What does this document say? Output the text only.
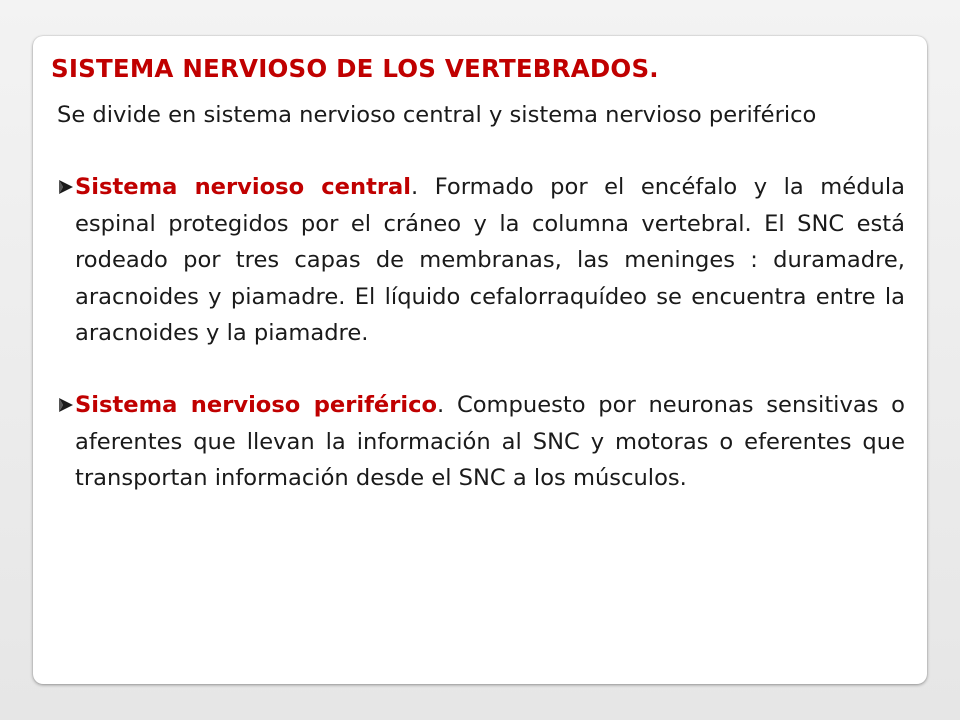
SISTEMA NERVIOSO DE LOS VERTEBRADOS.

Se divide en sistema nervioso central y sistema nervioso periférico

Sistema nervioso central. Formado por el encéfalo y la médula espinal protegidos por el cráneo y la columna vertebral. El SNC está rodeado por tres capas de membranas, las meninges : duramadre, aracnoides y piamadre. El líquido cefalorraquídeo se encuentra entre la aracnoides y la piamadre.

Sistema nervioso periférico. Compuesto por neuronas sensitivas o aferentes que llevan la información al SNC y motoras o eferentes que transportan información desde el SNC a los músculos.
